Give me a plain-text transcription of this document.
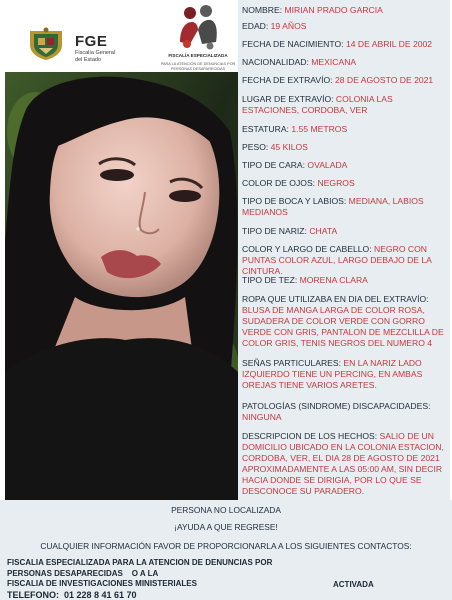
FGE
Fiscalía General
del Estado
FISCALÍA ESPECIALIZADA
PARA LA ATENCIÓN DE DENUNCIAS POR PERSONAS DESAPARECIDAS
NOMBRE: MIRIAN PRADO GARCIA
EDAD: 19 AÑOS
FECHA DE NACIMIENTO: 14 DE ABRIL DE 2002
NACIONALIDAD: MEXICANA
FECHA DE EXTRAVÍO: 28 DE AGOSTO DE 2021
LUGAR DE EXTRAVÍO: COLONIA LAS ESTACIONES, CORDOBA, VER
ESTATURA: 1.55 METROS
PESO: 45 KILOS
TIPO DE CARA: OVALADA
COLOR DE OJOS: NEGROS
TIPO DE BOCA Y LABIOS: MEDIANA, LABIOS MEDIANOS
TIPO DE NARIZ: CHATA
COLOR Y LARGO DE CABELLO: NEGRO CON PUNTAS COLOR AZUL, LARGO DEBAJO DE LA CINTURA.
TIPO DE TEZ: MORENA CLARA
ROPA QUE UTILIZABA EN DIA DEL EXTRAVÍO: BLUSA DE MANGA LARGA DE COLOR ROSA, SUDADERA DE COLOR VERDE CON GORRO VERDE CON GRIS, PANTALON DE MEZCLILLA DE COLOR GRIS, TENIS NEGROS DEL NUMERO 4
SEÑAS PARTICULARES: EN LA NARIZ LADO IZQUIERDO TIENE UN PERCING, EN AMBAS OREJAS TIENE VARIOS ARETES.
PATOLOGÍAS (SINDROME) DISCAPACIDADES: NINGUNA
DESCRIPCION DE LOS HECHOS: SALIO DE UN DOMICILIO UBICADO EN LA COLONIA ESTACION, CORDOBA, VER, EL DIA 28 DE AGOSTO DE 2021 APROXIMADAMENTE A LAS 05:00 AM, SIN DECIR HACIA DONDE SE DIRIGIA, POR LO QUE SE DESCONOCE SU PARADERO.
PERSONA NO LOCALIZADA
¡AYUDA A QUE REGRESE!
CUALQUIER INFORMACIÓN FAVOR DE PROPORCIONARLA A LOS SIGUIENTES CONTACTOS:
FISCALIA ESPECIALIZADA PARA LA ATENCION DE DENUNCIAS POR
PERSONAS DESAPARECIDAS    O A LA
FISCALIA DE INVESTIGACIONES MINISTERIALES
TELEFONO:  01 228 8 41 61 70
ACTIVADA
